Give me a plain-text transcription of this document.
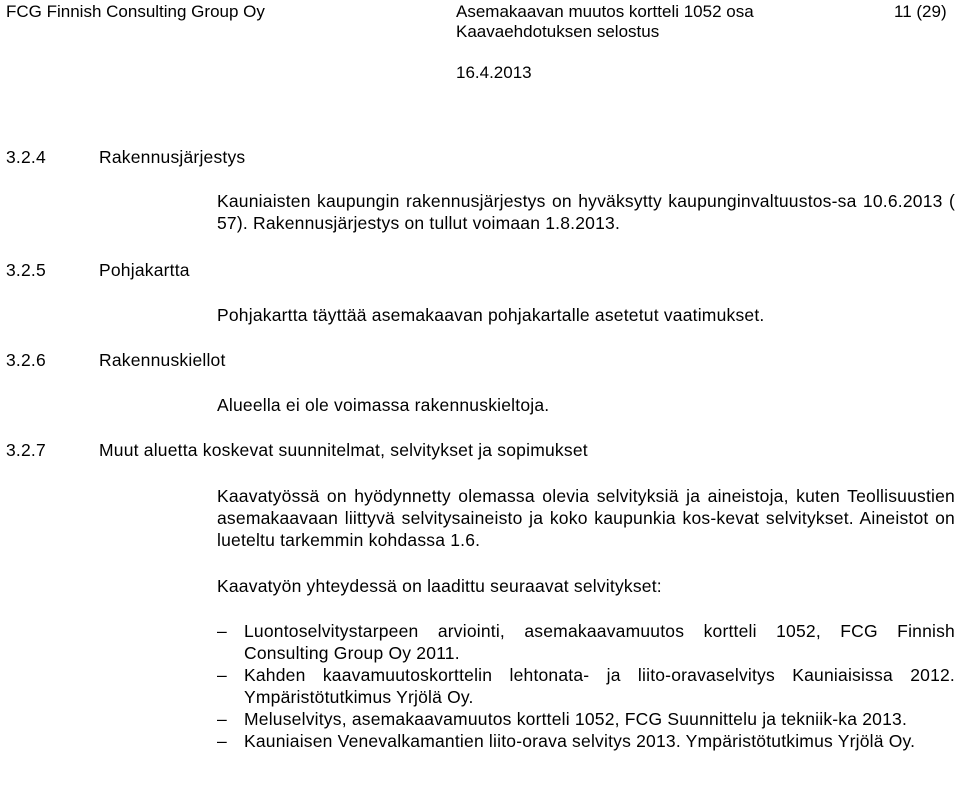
FCG Finnish Consulting Group Oy	Asemakaavan muutos kortteli 1052 osa
Kaavaehdotuksen selostus
11 (29)
16.4.2013
3.2.4	Rakennusjärjestys
Kauniaisten kaupungin rakennusjärjestys on hyväksytty kaupunginvaltuustos-sa 10.6.2013 ( 57). Rakennusjärjestys on tullut voimaan 1.8.2013.
3.2.5	Pohjakartta
Pohjakartta täyttää asemakaavan pohjakartalle asetetut vaatimukset.
3.2.6	Rakennuskiellot
Alueella ei ole voimassa rakennuskieltoja.
3.2.7	Muut aluetta koskevat suunnitelmat, selvitykset ja sopimukset
Kaavatyössä on hyödynnetty olemassa olevia selvityksiä ja aineistoja, kuten Teollisuustien asemakaavaan liittyvä selvitysaineisto ja koko kaupunkia kos-kevat selvitykset. Aineistot on lueteltu tarkemmin kohdassa 1.6.
Kaavatyön yhteydessä on laadittu seuraavat selvitykset:
– Luontoselvitystarpeen arviointi, asemakaavamuutos kortteli 1052, FCG Finnish Consulting Group Oy 2011.
– Kahden kaavamuutoskorttelin lehtonata- ja liito-oravaselvitys Kauniaisissa 2012. Ympäristötutkimus Yrjölä Oy.
– Meluselvitys, asemakaavamuutos kortteli 1052, FCG Suunnittelu ja tekniik-ka 2013.
– Kauniaisen Venevalkamantien liito-orava selvitys 2013. Ympäristötutkimus Yrjölä Oy.
